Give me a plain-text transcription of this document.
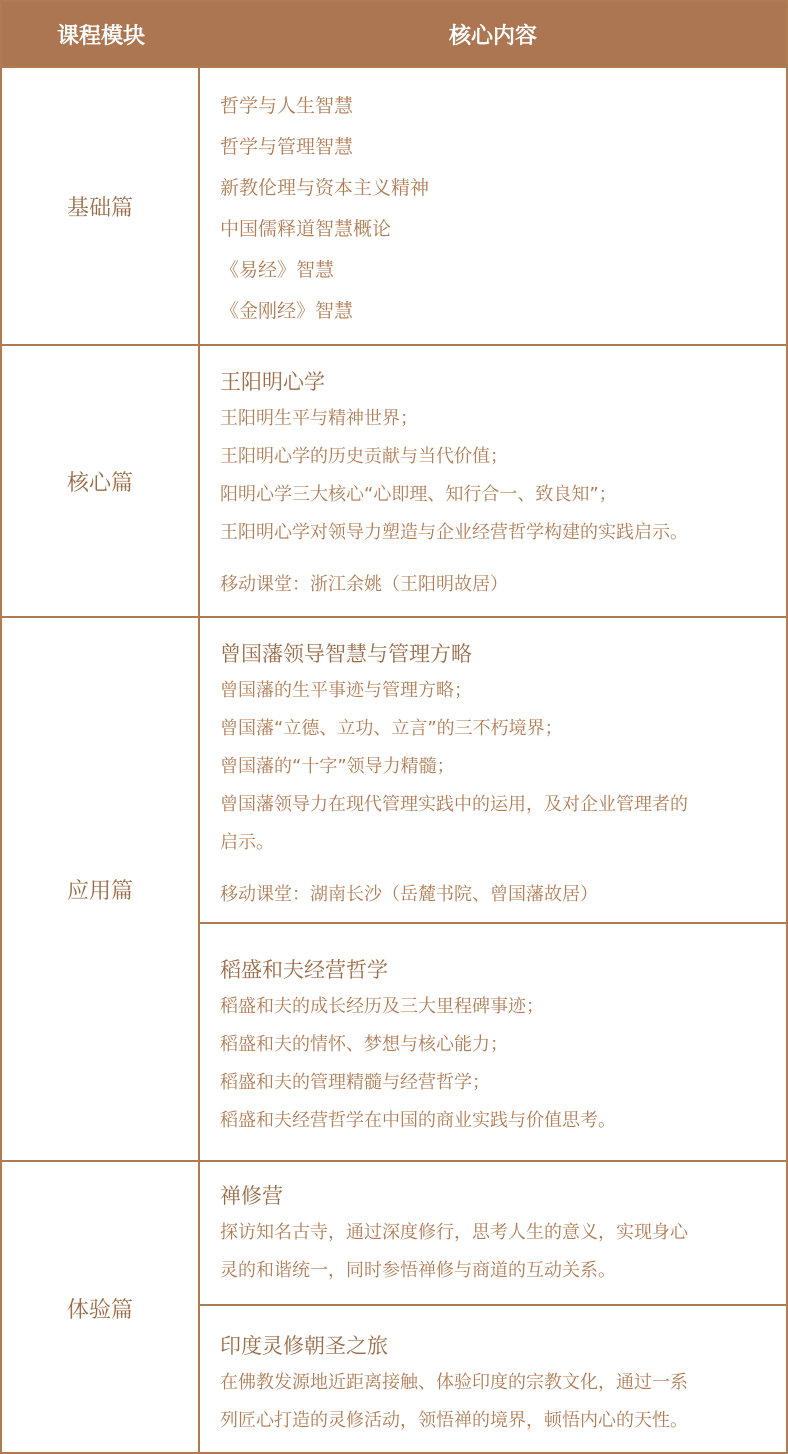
课程模块	核心内容
基础篇
哲学与人生智慧
哲学与管理智慧
新教伦理与资本主义精神
中国儒释道智慧概论
《易经》智慧
《金刚经》智慧
核心篇
王阳明心学
王阳明生平与精神世界；
王阳明心学的历史贡献与当代价值；
阳明心学三大核心“心即理、知行合一、致良知”；
王阳明心学对领导力塑造与企业经营哲学构建的实践启示。
移动课堂：浙江余姚（王阳明故居）
应用篇
曾国藩领导智慧与管理方略
曾国藩的生平事迹与管理方略；
曾国藩“立德、立功、立言”的三不朽境界；
曾国藩的“十字”领导力精髓；
曾国藩领导力在现代管理实践中的运用，及对企业管理者的
启示。
移动课堂：湖南长沙（岳麓书院、曾国藩故居）
稻盛和夫经营哲学
稻盛和夫的成长经历及三大里程碑事迹；
稻盛和夫的情怀、梦想与核心能力；
稻盛和夫的管理精髓与经营哲学；
稻盛和夫经营哲学在中国的商业实践与价值思考。
体验篇
禅修营
探访知名古寺，通过深度修行，思考人生的意义，实现身心
灵的和谐统一，同时参悟禅修与商道的互动关系。
印度灵修朝圣之旅
在佛教发源地近距离接触、体验印度的宗教文化，通过一系
列匠心打造的灵修活动，领悟禅的境界，顿悟内心的天性。
